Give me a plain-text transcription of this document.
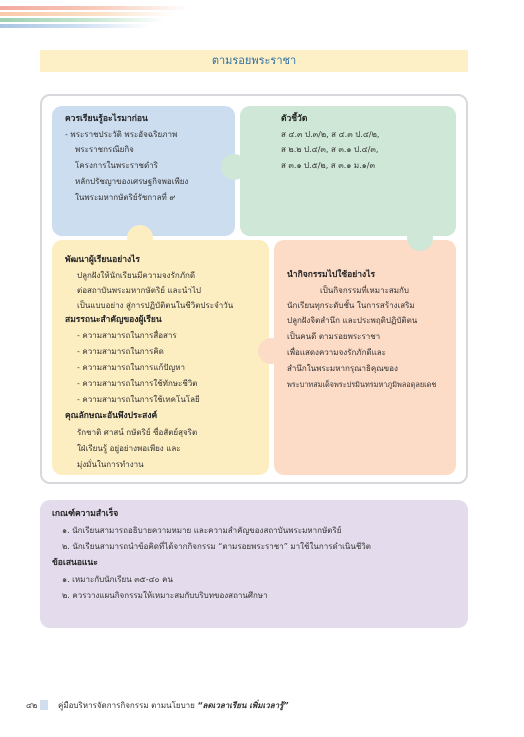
ตามรอยพระราชา
ควรเรียนรู้อะไรมาก่อน
- พระราชประวัติ พระอัจฉริยภาพ
พระราชกรณียกิจ
โครงการในพระราชดำริ
หลักปรัชญาของเศรษฐกิจพอเพียง
ในพระมหากษัตริย์รัชกาลที่ ๙
ตัวชี้วัด
ส ๔.๓ ป.๓/๒, ส ๔.๓ ป.๔/๒,
ส ๒.๒ ป.๔/๓, ส ๓.๑ ป.๔/๓,
ส ๓.๑ ป.๕/๒, ส ๓.๑ ม.๑/๓
พัฒนาผู้เรียนอย่างไร
ปลูกฝังให้นักเรียนมีความจงรักภักดี
ต่อสถาบันพระมหากษัตริย์ และนำไป
เป็นแบบอย่าง สู่การปฏิบัติตนในชีวิตประจำวัน
สมรรถนะสำคัญของผู้เรียน
- ความสามารถในการสื่อสาร
- ความสามารถในการคิด
- ความสามารถในการแก้ปัญหา
- ความสามารถในการใช้ทักษะชีวิต
- ความสามารถในการใช้เทคโนโลยี
คุณลักษณะอันพึงประสงค์
รักชาติ ศาสน์ กษัตริย์ ซื่อสัตย์สุจริต
ใฝ่เรียนรู้ อยู่อย่างพอเพียง และ
มุ่งมั่นในการทำงาน
นำกิจกรรมไปใช้อย่างไร
เป็นกิจกรรมที่เหมาะสมกับ
นักเรียนทุกระดับชั้น ในการสร้างเสริม
ปลูกฝังจิตสำนึก และประพฤติปฏิบัติตน
เป็นคนดี ตามรอยพระราชา
เพื่อแสดงความจงรักภักดีและ
สำนึกในพระมหากรุณาธิคุณของ
พระบาทสมเด็จพระปรมินทรมหาภูมิพลอดุลยเดช
เกณฑ์ความสำเร็จ
๑. นักเรียนสามารถอธิบายความหมาย และความสำคัญของสถาบันพระมหากษัตริย์
๒. นักเรียนสามารถนำข้อคิดที่ได้จากกิจกรรม “ตามรอยพระราชา” มาใช้ในการดำเนินชีวิต
ข้อเสนอแนะ
๑. เหมาะกับนักเรียน ๓๕-๔๐ คน
๒. ควรวางแผนกิจกรรมให้เหมาะสมกับบริบทของสถานศึกษา
๔๒	คู่มือบริหารจัดการกิจกรรม ตามนโยบาย “ลดเวลาเรียน เพิ่มเวลารู้”
